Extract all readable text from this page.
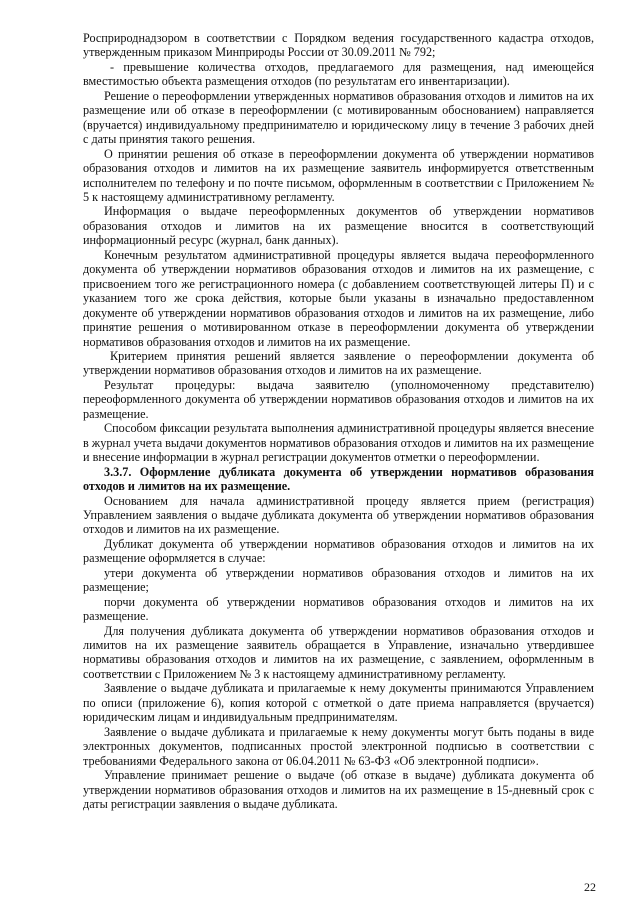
Росприроднадзором в соответствии с Порядком ведения государственного кадастра отходов, утвержденным приказом Минприроды России от 30.09.2011 № 792;

- превышение количества отходов, предлагаемого для размещения, над имеющейся вместимостью объекта размещения отходов (по результатам его инвентаризации).

Решение о переоформлении утвержденных нормативов образования отходов и лимитов на их размещение или об отказе в переоформлении (с мотивированным обоснованием) направляется (вручается) индивидуальному предпринимателю и юридическому лицу в течение 3 рабочих дней с даты принятия такого решения.

О принятии решения об отказе в переоформлении документа об утверждении нормативов образования отходов и лимитов на их размещение заявитель информируется ответственным исполнителем по телефону и по почте письмом, оформленным в соответствии с Приложением № 5 к настоящему административному регламенту.

Информация о выдаче переоформленных документов об утверждении нормативов образования отходов и лимитов на их размещение вносится в соответствующий информационный ресурс (журнал, банк данных).

Конечным результатом административной процедуры является выдача переоформленного документа об утверждении нормативов образования отходов и лимитов на их размещение, с присвоением того же регистрационного номера (с добавлением соответствующей литеры П) и с указанием того же срока действия, которые были указаны в изначально предоставленном документе об утверждении нормативов образования отходов и лимитов на их размещение, либо принятие решения о мотивированном отказе в переоформлении документа об утверждении нормативов образования отходов и лимитов на их размещение.

Критерием принятия решений является заявление о переоформлении документа об утверждении нормативов образования отходов и лимитов на их размещение.

Результат процедуры: выдача заявителю (уполномоченному представителю) переоформленного документа об утверждении нормативов образования отходов и лимитов на их размещение.

Способом фиксации результата выполнения административной процедуры является внесение в журнал учета выдачи документов нормативов образования отходов и лимитов на их размещение и внесение информации в журнал регистрации документов отметки о переоформлении.

3.3.7. Оформление дубликата документа об утверждении нормативов образования отходов и лимитов на их размещение.

Основанием для начала административной процеду является прием (регистрация) Управлением заявления о выдаче дубликата документа об утверждении нормативов образования отходов и лимитов на их размещение.

Дубликат документа об утверждении нормативов образования отходов и лимитов на их размещение оформляется в случае:

утери документа об утверждении нормативов образования отходов и лимитов на их размещение;

порчи документа об утверждении нормативов образования отходов и лимитов на их размещение.

Для получения дубликата документа об утверждении нормативов образования отходов и лимитов на их размещение заявитель обращается в Управление, изначально утвердившее нормативы образования отходов и лимитов на их размещение, с заявлением, оформленным в соответствии с Приложением № 3 к настоящему административному регламенту.

Заявление о выдаче дубликата и прилагаемые к нему документы принимаются Управлением по описи (приложение 6), копия которой с отметкой о дате приема направляется (вручается) юридическим лицам и индивидуальным предпринимателям.

Заявление о выдаче дубликата и прилагаемые к нему документы могут быть поданы в виде электронных документов, подписанных простой электронной подписью в соответствии с требованиями Федерального закона от 06.04.2011 № 63-ФЗ «Об электронной подписи».

Управление принимает решение о выдаче (об отказе в выдаче) дубликата документа об утверждении нормативов образования отходов и лимитов на их размещение в 15-дневный срок с даты регистрации заявления о выдаче дубликата.

22
